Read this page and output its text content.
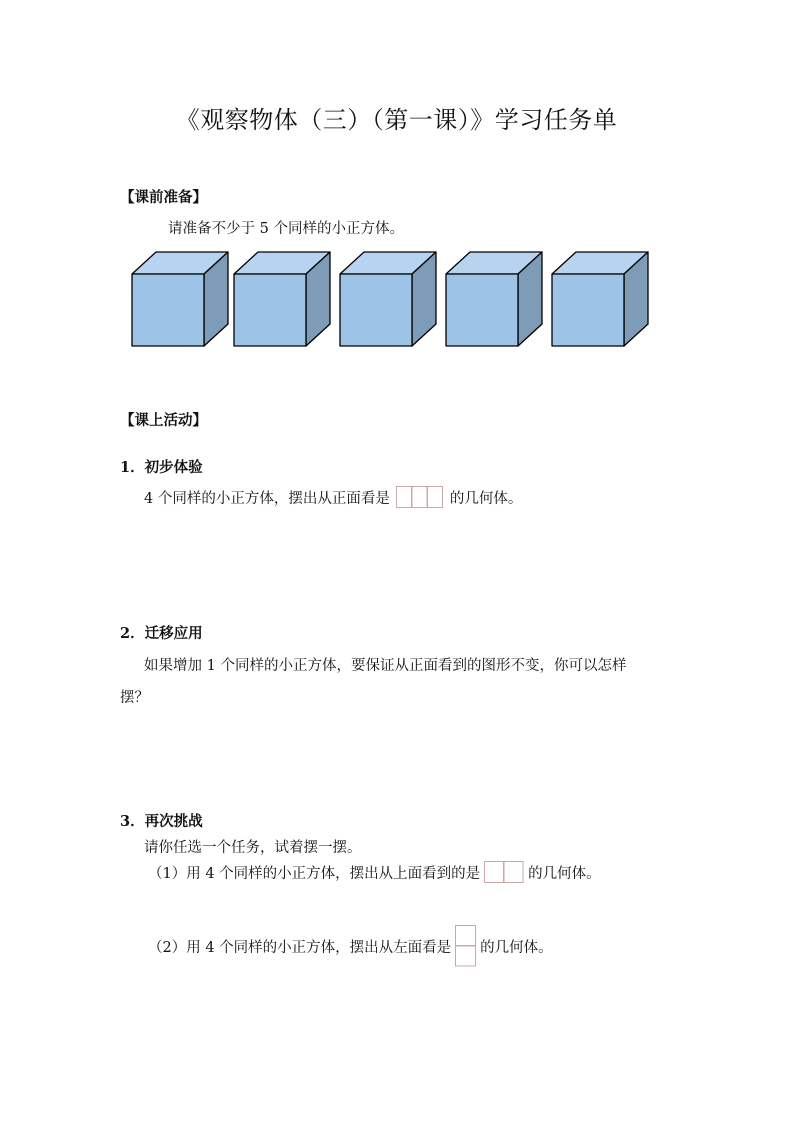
《观察物体（三）（第一课）》学习任务单
【课前准备】
请准备不少于 5 个同样的小正方体。
【课上活动】
1．初步体验
4 个同样的小正方体，摆出从正面看是	的几何体。
2．迁移应用
如果增加 1 个同样的小正方体，要保证从正面看到的图形不变，你可以怎样
摆？
3．再次挑战
请你任选一个任务，试着摆一摆。
（1）用 4 个同样的小正方体，摆出从上面看到的是	的几何体。
（2）用 4 个同样的小正方体，摆出从左面看是 的几何体。
